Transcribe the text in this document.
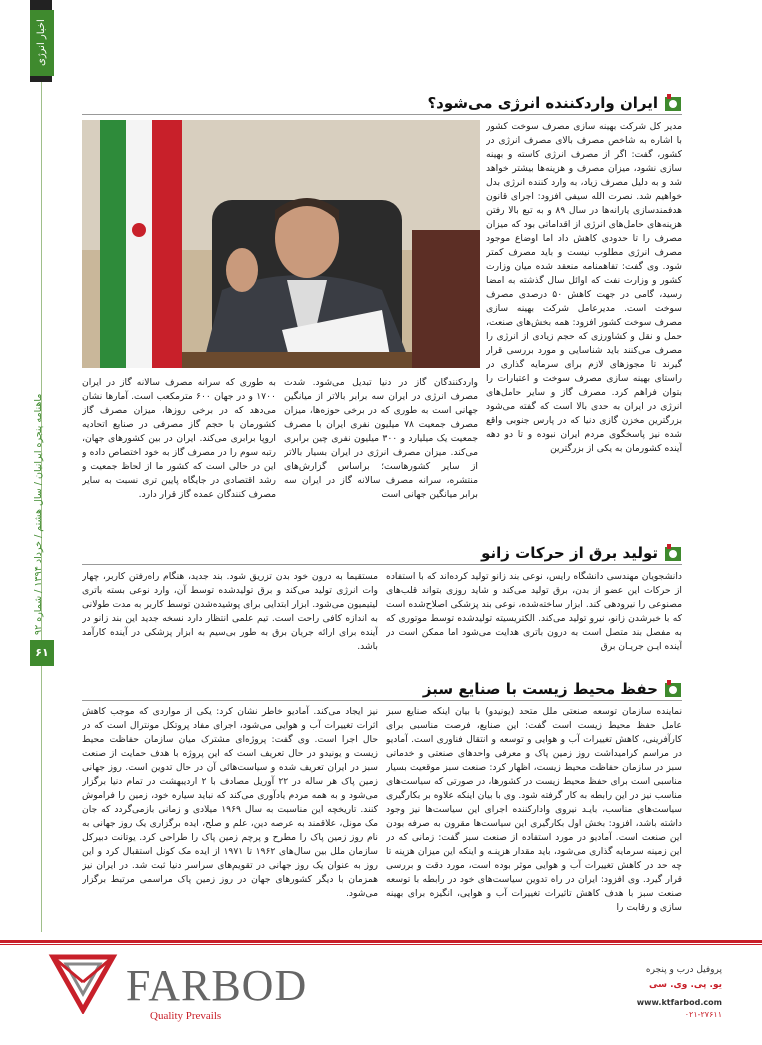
اخبار انرژی
ماهنامه پنجره ایرانیان / سال هشتم / خرداد ۱۳۹۴ / شماره ۹۲
۶۱
ایران واردکننده انرژی می‌شود؟

مدیر کل شرکت بهینه سازی مصرف سوخت کشور با اشاره به شاخص مصرف بالای مصرف انرژی در کشور، گفت: اگر از مصرف انرژی کاسته و بهینه سازی نشود، میزان مصرف و هزینه‌ها بیشتر خواهد شد و به دلیل مصرف زیاد، به وارد کننده انرژی بدل خواهیم شد. نصرت الله سیفی افزود: اجرای قانون هدفمندسازی یارانه‌ها در سال ۸۹ و به تبع بالا رفتن هزینه‌های حامل‌های انرژی از اقداماتی بود که میزان مصرف را تا حدودی کاهش داد اما اوضاع موجود مصرف انرژی مطلوب نیست و باید مصرف کمتر شود. وی گفت: تفاهمنامه منعقد شده میان وزارت کشور و وزارت نفت که اوائل سال گذشته به امضا رسید، گامی در جهت کاهش ۵۰ درصدی مصرف سوخت است. مدیرعامل شرکت بهینه سازی مصرف سوخت کشور افزود: همه بخش‌های صنعت، حمل و نقل و کشاورزی که حجم زیادی از انرژی را مصرف می‌کنند باید شناسایی و مورد بررسی قرار گیرند تا مجوزهای لازم برای سرمایه گذاری در راستای بهینه سازی مصرف سوخت و اعتبارات را بتوان فراهم کرد. مصرف گاز و سایر حامل‌های انرژی در ایران به حدی بالا است که گفته می‌شود بزرگترین مخزن گازی دنیا که در پارس جنوبی واقع شده نیز پاسخگوی مردم ایران نبوده و تا دو دهه آینده کشورمان به یکی از بزرگترین

واردکنندگان گاز در دنیا تبدیل می‌شود. شدت مصرف انرژی در ایران سه برابر بالاتر از میانگین جهانی است به طوری که در برخی حوزه‌ها، میزان مصرف جمعیت ۷۸ میلیون نفری ایران با مصرف جمعیت یک میلیارد و ۳۰۰ میلیون نفری چین برابری می‌کند. میزان مصرف انرژی در ایران بسیار بالاتر از سایر کشورهاست؛ براساس گزارش‌های منتشره، سرانه مصرف سالانه گاز در ایران سه برابر میانگین جهانی است

به طوری که سرانه مصرف سالانه گاز در ایران ۱۷۰۰ و در جهان ۶۰۰ مترمکعب است. آمارها نشان می‌دهد که در برخی روزها، میزان مصرف گاز کشورمان با حجم گاز مصرفی در صنایع اتحادیه اروپا برابری می‌کند. ایران در بین کشورهای جهان، رتبه سوم را در مصرف گاز به خود اختصاص داده و این در حالی است که کشور ما از لحاظ جمعیت و رشد اقتصادی در جایگاه پایین تری نسبت به سایر مصرف کنندگان عمده گاز قرار دارد.

تولید برق از حرکات زانو

دانشجویان مهندسی دانشگاه رایس، نوعی بند زانو تولید کرده‌اند که با استفاده از حرکات این عضو از بدن، برق تولید می‌کند و شاید روزی بتواند قلب‌های مصنوعی را نیرودهی کند. ابزار ساخته‌شده، نوعی بند پزشکی اصلاح‌شده است که با خبرشدن زانو، نیرو تولید می‌کند. الکتریسیته تولیدشده توسط موتوری که به مفصل بند متصل است به درون باتری هدایت می‌شود اما ممکن است در آینده ایـن جریـان برق

مستقیما به درون خود بدن تزریق شود. بند جدید، هنگام راه‌رفتن کاربر، چهار وات انرژی تولید می‌کند و برق تولیدشده توسط آن، وارد نوعی بسته باتری لیتیمیون می‌شود. ابزار ابتدایی برای پوشیده‌شدن توسط کاربر به مدت طولانی به اندازه کافی راحت است. تیم علمی انتظار دارد نسخه جدید این بند زانو در آینده برای ارائه جریان برق به طور بی‌سیم به ابزار پزشکی در آینده کارآمد باشد.

حفظ محیط زیست با صنایع سبز

نماینده سازمان توسعه صنعتی ملل متحد (یونیدو) با بیان اینکه صنایع سبز عامل حفظ محیط زیست است گفت: این صنایع، فرصت مناسبی برای کارآفرینی، کاهش تغییرات آب و هوایی و توسعه و انتقال فناوری است. آمادیو در مراسم کرامیداشت روز زمین پاک و معرفی واحدهای صنعتی و خدماتی سبز در سازمان حفاظت محیط زیست، اظهار کرد: صنعت سبز موقعیت بسیار مناسبی است برای حفظ محیط زیست در کشورها، در صورتی که سیاست‌های مناسب نیز در این رابطه به کار گرفته شود. وی با بیان اینکه علاوه بر بکارگیری سیاست‌های مناسب، بایـد نیروی واداركننده اجرای این سیاست‌ها نیز وجود داشته باشد، افزود: بخش اول بکارگیری این سیاست‌ها مقرون به صرفه بودن این صنعت است. آمادیو در مورد استفاده از صنعت سبز گفت: زمانی که در این زمینه سرمایه گذاری می‌شود، باید مقدار هزینـه و اینکه این میزان هزینه تا چه حد در کاهش تغییرات آب و هوایی موثر بوده است، مورد دقت و بررسی قرار گیرد. وی افزود: ایران در راه تدوین سیاست‌های خود در رابطه با توسعه صنعت سبز با هدف کاهش تاثیرات تغییرات آب و هوایی، انگیزه برای بهینه سازی و رقابت را

نیز ایجاد می‌کند. آمادیو خاطر نشان کرد: یکی از مواردی که موجب کاهش اثرات تغییرات آب و هوایی می‌شود، اجرای مفاد پروتکل مونترال است که در حال اجرا است. وی گفت: پروژه‌ای مشترک میان سازمان حفاظت محیط زیست و یونیدو در حال تعریف است که این پروژه با هدف حمایت از صنعت سبز در ایران تعریف شده و سیاست‌هائی آن در حال تدوین است. روز جهانی زمین پاک هر ساله در ۲۲ آوریل مصادف با ۲ اردیبهشت در تمام دنیا برگزار می‌شود و به همه مردم یادآوری می‌کند که نباید سیاره خود، زمین را فراموش کنند. تاریخچه این مناسبت به سال ۱۹۶۹ میلادی و زمانی بازمی‌گردد که جان مک مونل، علاقمند به عرصه دین، علم و صلح، ایده برگزاری یک روز جهانی به نام روز زمین پاک را مطرح و پرچم زمین پاک را طراحی کرد. یوتانت دبیرکل سازمان ملل بین سال‌های ۱۹۶۲ تا ۱۹۷۱ از ایده مک کونل استقبال کرد و این روز به عنوان یک روز جهانی در تقویم‌های سراسر دنیا ثبت شد. در ایران نیز همزمان با دیگر کشورهای جهان در روز زمین پاک مراسمی مرتبط برگزار می‌شود.

FARBOD
Quality Prevails
پروفیل درب و پنجره
یو. پی. وی. سی
www.ktfarbod.com
۰۲۱-۲۷۶۱۱
